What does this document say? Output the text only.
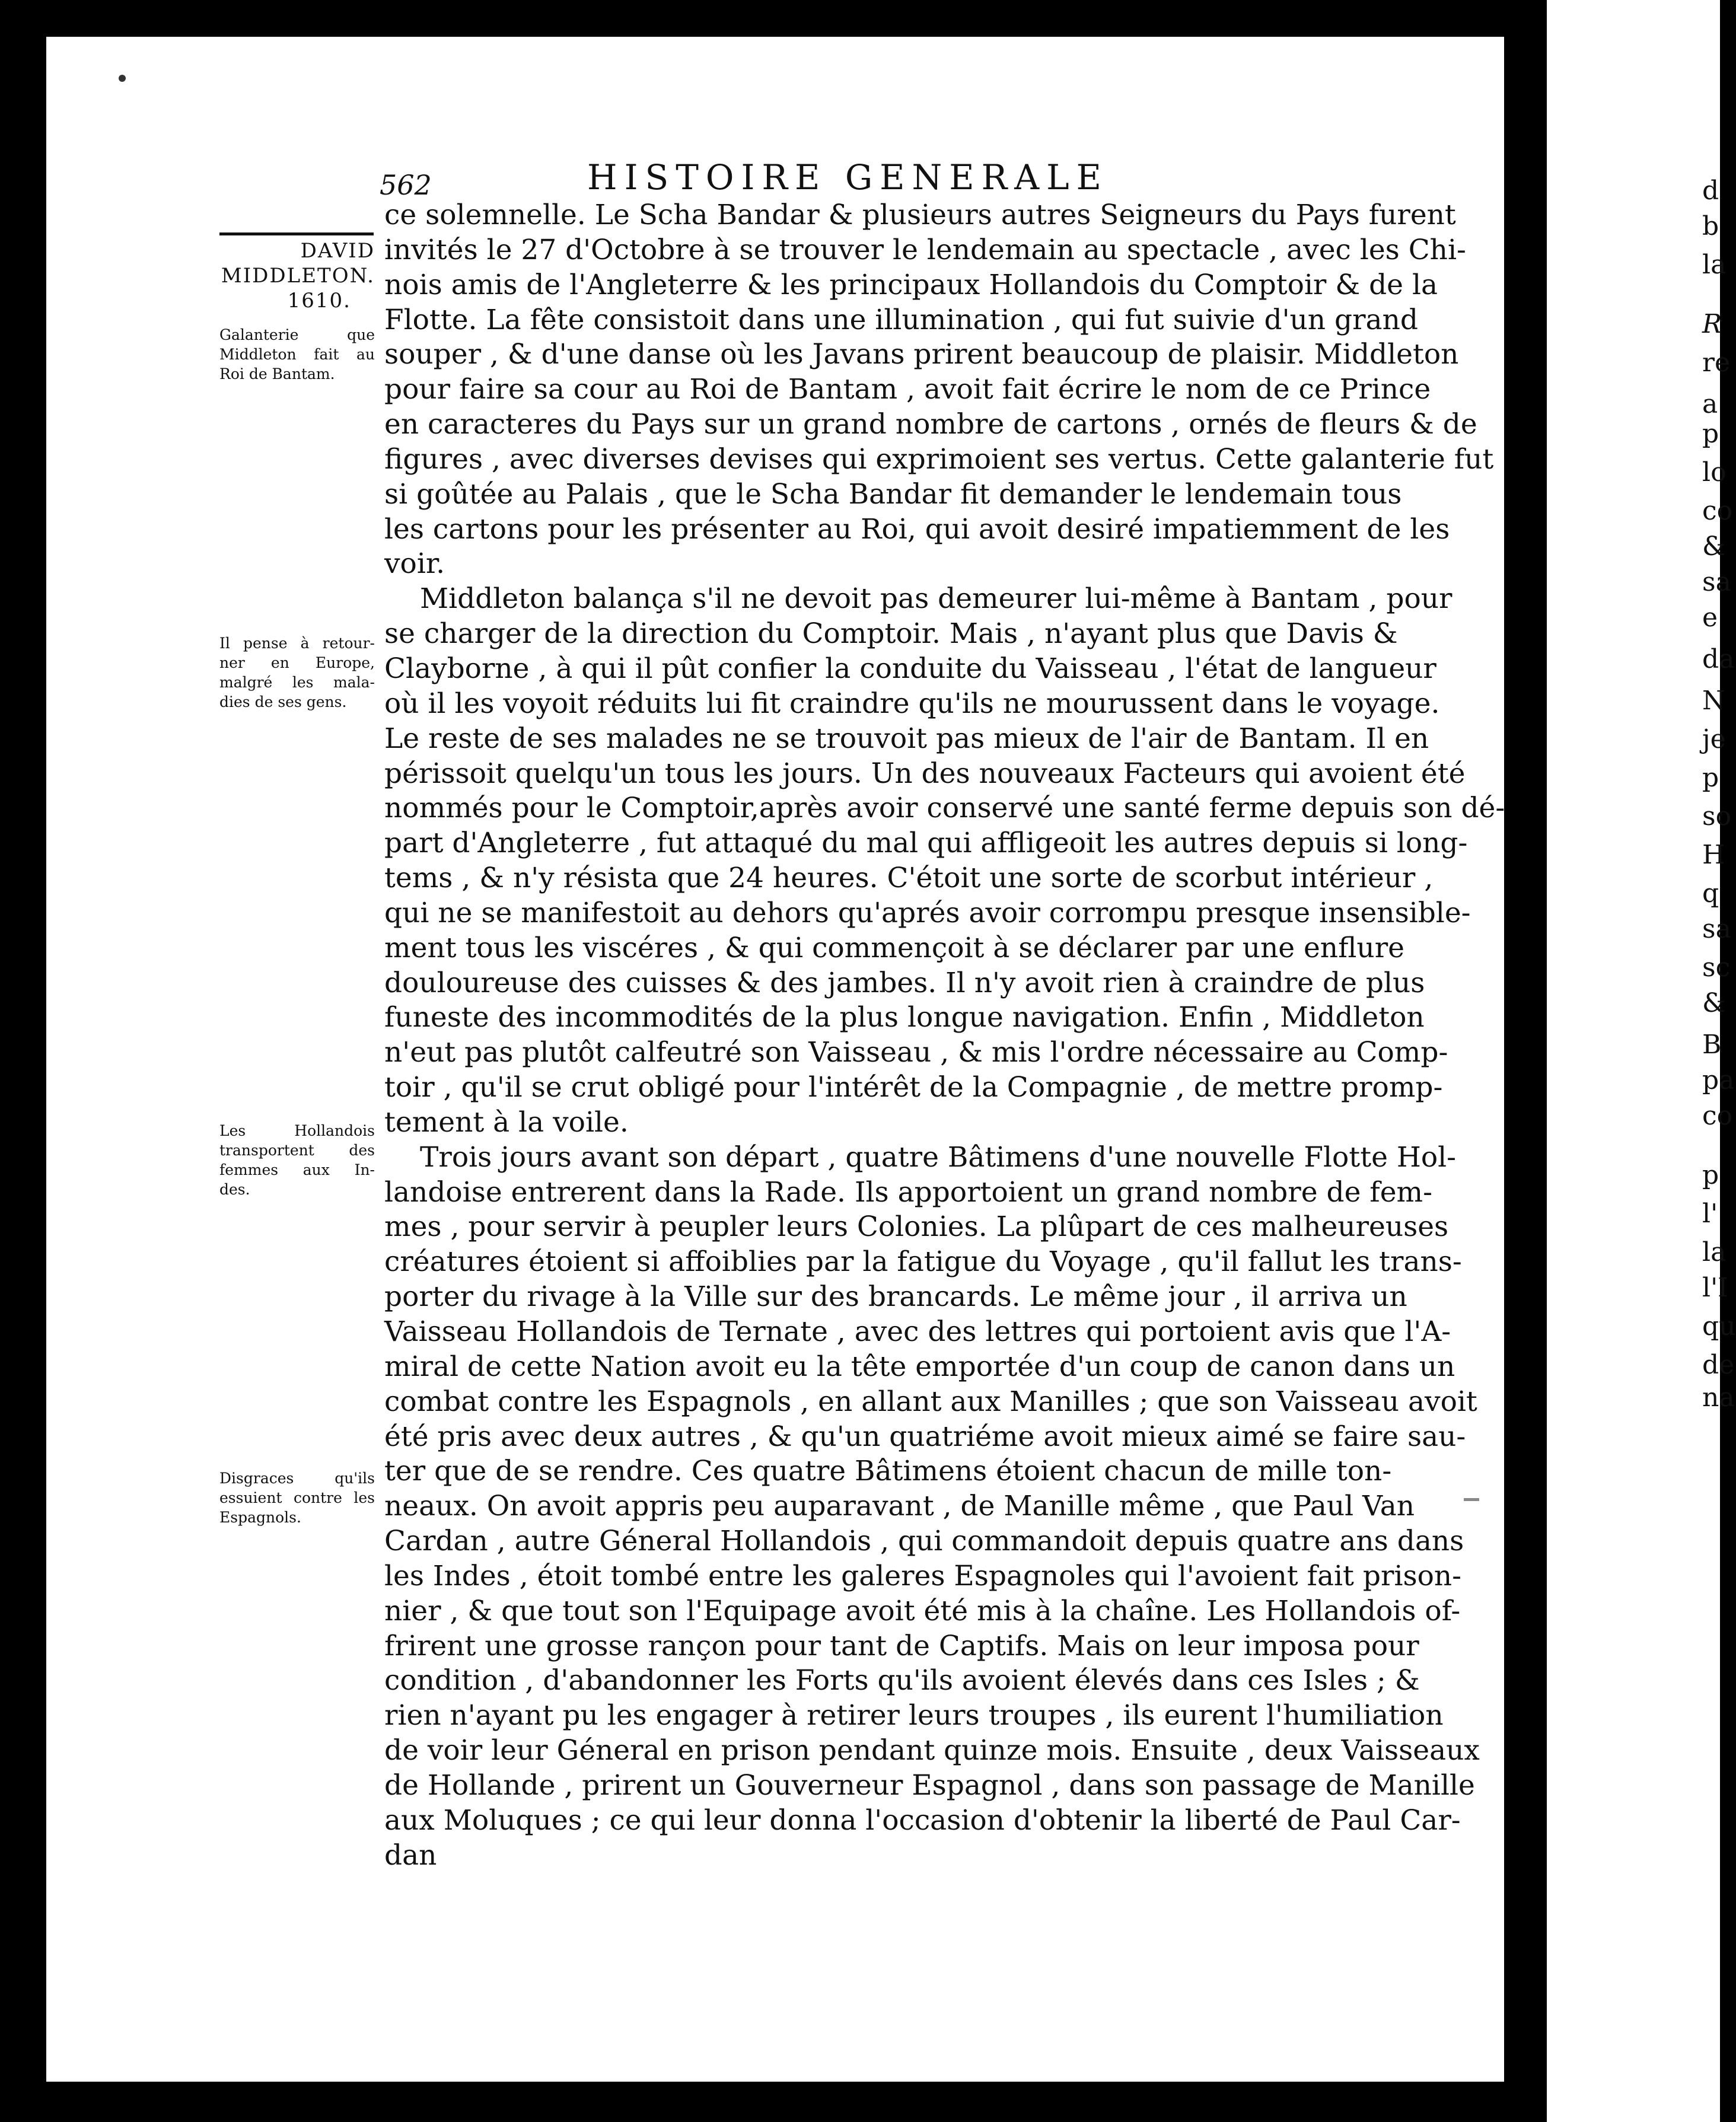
d
b
la
R
re
a
p
lo
co
&
sa
e
da
N
je
p
so
H
q
sa
sc
&
B
pa
co
p
l'
la
l'I
qu
de
na
562	HISTOIRE GENERALE
DAVID
MIDDLETON.
1610.
Galanterie que
Middleton fait au
Roi de Bantam.
Il pense à retour-
ner en Europe,
malgré les mala-
dies de ses gens.
Les Hollandois
transportent des
femmes aux In-
des.
Disgraces qu'ils
essuient contre les
Espagnols.
ce solemnelle. Le Scha Bandar & plusieurs autres Seigneurs du Pays furent
invités le 27 d'Octobre à se trouver le lendemain au spectacle , avec les Chi-
nois amis de l'Angleterre & les principaux Hollandois du Comptoir & de la
Flotte. La fête consistoit dans une illumination , qui fut suivie d'un grand
souper , & d'une danse où les Javans prirent beaucoup de plaisir. Middleton
pour faire sa cour au Roi de Bantam , avoit fait écrire le nom de ce Prince
en caracteres du Pays sur un grand nombre de cartons , ornés de fleurs & de
figures , avec diverses devises qui exprimoient ses vertus. Cette galanterie fut
si goûtée au Palais , que le Scha Bandar fit demander le lendemain tous
les cartons pour les présenter au Roi, qui avoit desiré impatiemment de les
voir.
Middleton balança s'il ne devoit pas demeurer lui-même à Bantam , pour
se charger de la direction du Comptoir. Mais , n'ayant plus que Davis &
Clayborne , à qui il pût confier la conduite du Vaisseau , l'état de langueur
où il les voyoit réduits lui fit craindre qu'ils ne mourussent dans le voyage.
Le reste de ses malades ne se trouvoit pas mieux de l'air de Bantam. Il en
périssoit quelqu'un tous les jours. Un des nouveaux Facteurs qui avoient été
nommés pour le Comptoir,après avoir conservé une santé ferme depuis son dé-
part d'Angleterre , fut attaqué du mal qui affligeoit les autres depuis si long-
tems , & n'y résista que 24 heures. C'étoit une sorte de scorbut intérieur ,
qui ne se manifestoit au dehors qu'aprés avoir corrompu presque insensible-
ment tous les viscéres , & qui commençoit à se déclarer par une enflure
douloureuse des cuisses & des jambes. Il n'y avoit rien à craindre de plus
funeste des incommodités de la plus longue navigation. Enfin , Middleton
n'eut pas plutôt calfeutré son Vaisseau , & mis l'ordre nécessaire au Comp-
toir , qu'il se crut obligé pour l'intérêt de la Compagnie , de mettre promp-
tement à la voile.
Trois jours avant son départ , quatre Bâtimens d'une nouvelle Flotte Hol-
landoise entrerent dans la Rade. Ils apportoient un grand nombre de fem-
mes , pour servir à peupler leurs Colonies. La plûpart de ces malheureuses
créatures étoient si affoiblies par la fatigue du Voyage , qu'il fallut les trans-
porter du rivage à la Ville sur des brancards. Le même jour , il arriva un
Vaisseau Hollandois de Ternate , avec des lettres qui portoient avis que l'A-
miral de cette Nation avoit eu la tête emportée d'un coup de canon dans un
combat contre les Espagnols , en allant aux Manilles ; que son Vaisseau avoit
été pris avec deux autres , & qu'un quatriéme avoit mieux aimé se faire sau-
ter que de se rendre. Ces quatre Bâtimens étoient chacun de mille ton-
neaux. On avoit appris peu auparavant , de Manille même , que Paul Van
Cardan , autre Géneral Hollandois , qui commandoit depuis quatre ans dans
les Indes , étoit tombé entre les galeres Espagnoles qui l'avoient fait prison-
nier , & que tout son l'Equipage avoit été mis à la chaîne. Les Hollandois of-
frirent une grosse rançon pour tant de Captifs. Mais on leur imposa pour
condition , d'abandonner les Forts qu'ils avoient élevés dans ces Isles ; &
rien n'ayant pu les engager à retirer leurs troupes , ils eurent l'humiliation
de voir leur Géneral en prison pendant quinze mois. Ensuite , deux Vaisseaux
de Hollande , prirent un Gouverneur Espagnol , dans son passage de Manille
aux Moluques ; ce qui leur donna l'occasion d'obtenir la liberté de Paul Car-
dan
